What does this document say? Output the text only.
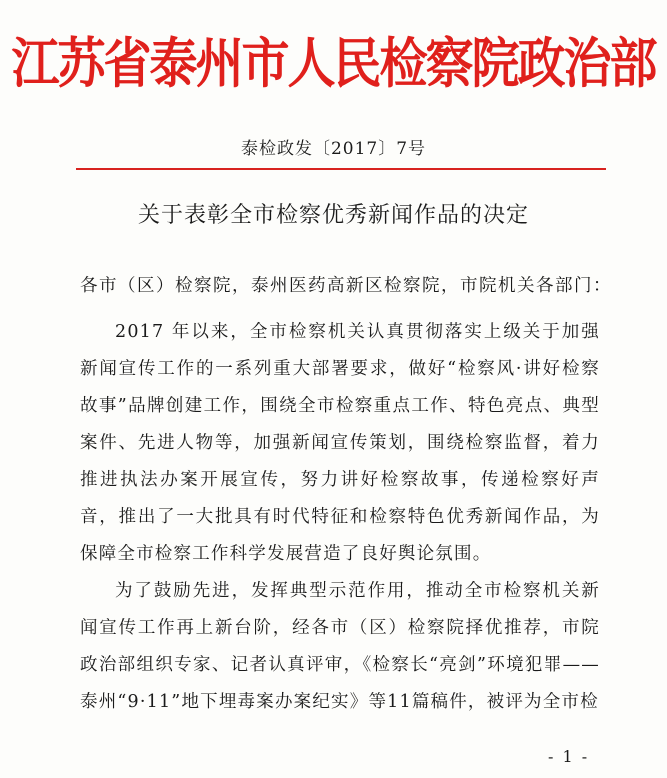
江苏省泰州市人民检察院政治部
泰检政发〔2017〕7号
关于表彰全市检察优秀新闻作品的决定
各市（区）检察院，泰州医药高新区检察院，市院机关各部门：
2017 年以来，全市检察机关认真贯彻落实上级关于加强新闻宣传工作的一系列重大部署要求，做好“检察风·讲好检察故事”品牌创建工作，围绕全市检察重点工作、特色亮点、典型案件、先进人物等，加强新闻宣传策划，围绕检察监督，着力推进执法办案开展宣传，努力讲好检察故事，传递检察好声音，推出了一大批具有时代特征和检察特色优秀新闻作品，为保障全市检察工作科学发展营造了良好舆论氛围。
为了鼓励先进，发挥典型示范作用，推动全市检察机关新闻宣传工作再上新台阶，经各市（区）检察院择优推荐，市院政治部组织专家、记者认真评审，《检察长“亮剑”环境犯罪——泰州“9·11”地下埋毒案办案纪实》等11篇稿件，被评为全市检
- 1 -
